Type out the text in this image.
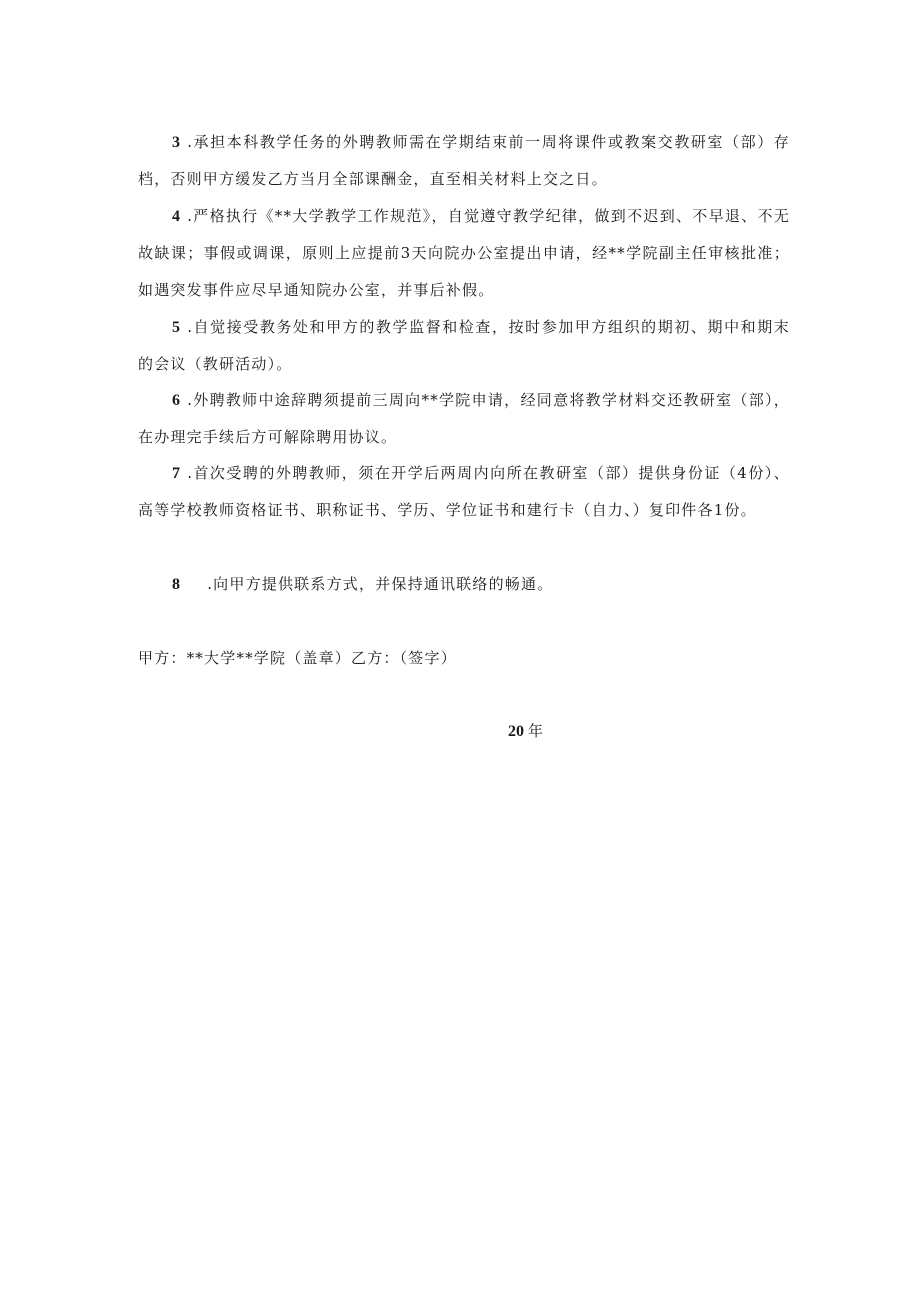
3 .承担本科教学任务的外聘教师需在学期结束前一周将课件或教案交教研室（部）存档，否则甲方缓发乙方当月全部课酬金，直至相关材料上交之日。

4 .严格执行《**大学教学工作规范》，自觉遵守教学纪律，做到不迟到、不早退、不无故缺课；事假或调课，原则上应提前3天向院办公室提出申请，经**学院副主任审核批准；如遇突发事件应尽早通知院办公室，并事后补假。

5 .自觉接受教务处和甲方的教学监督和检查，按时参加甲方组织的期初、期中和期末的会议（教研活动）。

6 .外聘教师中途辞聘须提前三周向**学院申请，经同意将教学材料交还教研室（部），在办理完手续后方可解除聘用协议。

7 .首次受聘的外聘教师，须在开学后两周内向所在教研室（部）提供身份证（4份）、高等学校教师资格证书、职称证书、学历、学位证书和建行卡（自力、）复印件各1份。

8 .向甲方提供联系方式，并保持通讯联络的畅通。

甲方：**大学**学院（盖章）乙方：（签字）

20 年
